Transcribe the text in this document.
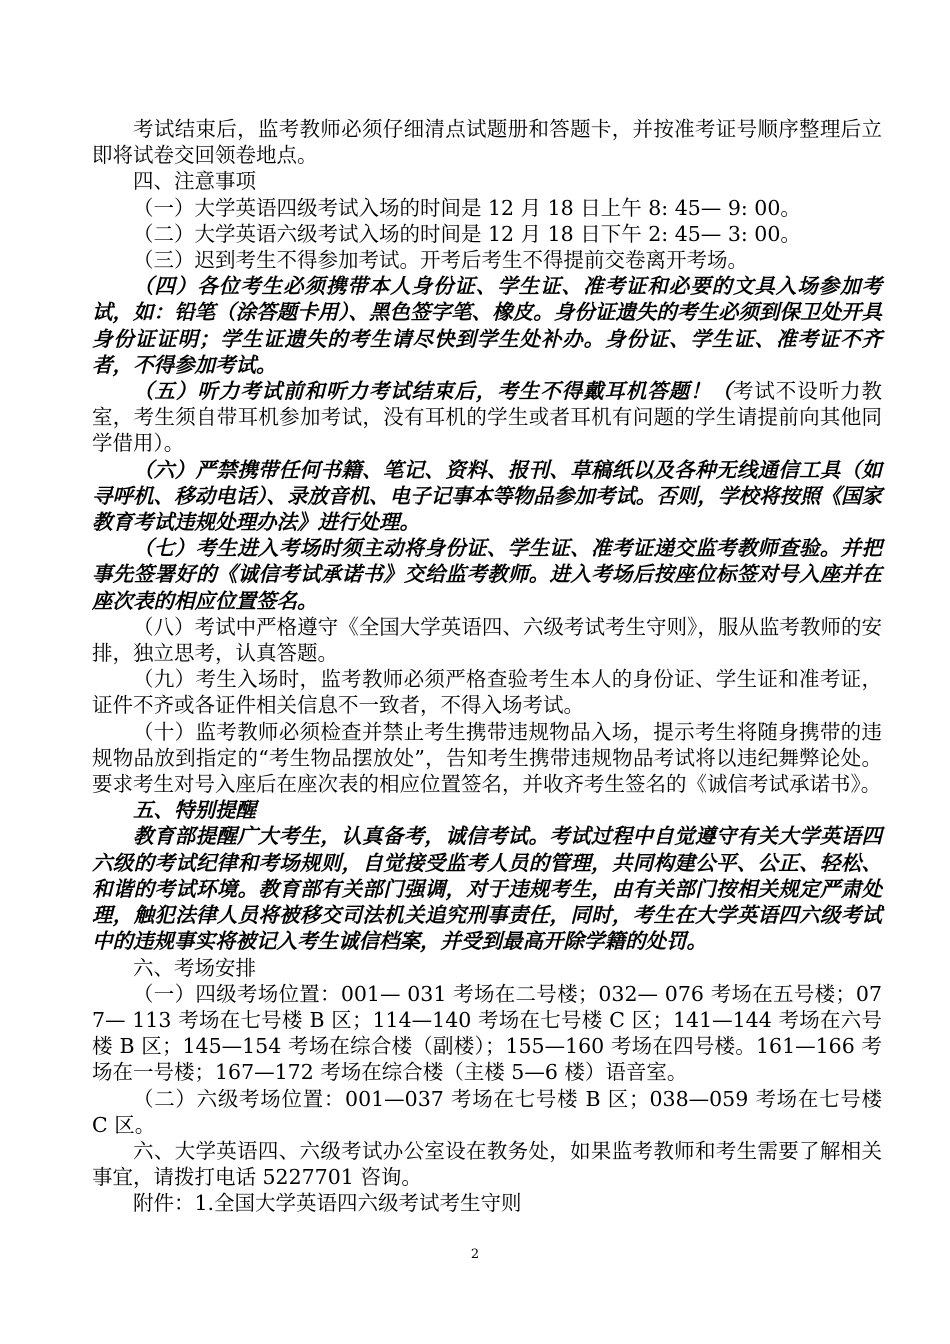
考试结束后，监考教师必须仔细清点试题册和答题卡，并按准考证号顺序整理后立即将试卷交回领卷地点。

四、注意事项

（一）大学英语四级考试入场的时间是 12 月 18 日上午 8: 45— 9: 00。

（二）大学英语六级考试入场的时间是 12 月 18 日下午 2: 45— 3: 00。

（三）迟到考生不得参加考试。开考后考生不得提前交卷离开考场。

（四）各位考生必须携带本人身份证、学生证、准考证和必要的文具入场参加考试，如：铅笔（涂答题卡用）、黑色签字笔、橡皮。身份证遗失的考生必须到保卫处开具身份证证明；学生证遗失的考生请尽快到学生处补办。身份证、学生证、准考证不齐者，不得参加考试。

（五）听力考试前和听力考试结束后，考生不得戴耳机答题！（考试不设听力教室，考生须自带耳机参加考试，没有耳机的学生或者耳机有问题的学生请提前向其他同学借用）。

（六）严禁携带任何书籍、笔记、资料、报刊、草稿纸以及各种无线通信工具（如寻呼机、移动电话）、录放音机、电子记事本等物品参加考试。否则，学校将按照《国家教育考试违规处理办法》进行处理。

（七）考生进入考场时须主动将身份证、学生证、准考证递交监考教师查验。并把事先签署好的《诚信考试承诺书》交给监考教师。进入考场后按座位标签对号入座并在座次表的相应位置签名。

（八）考试中严格遵守《全国大学英语四、六级考试考生守则》，服从监考教师的安排，独立思考，认真答题。

（九）考生入场时，监考教师必须严格查验考生本人的身份证、学生证和准考证，证件不齐或各证件相关信息不一致者，不得入场考试。

（十）监考教师必须检查并禁止考生携带违规物品入场，提示考生将随身携带的违规物品放到指定的“考生物品摆放处”，告知考生携带违规物品考试将以违纪舞弊论处。要求考生对号入座后在座次表的相应位置签名，并收齐考生签名的《诚信考试承诺书》。

五、特别提醒

教育部提醒广大考生，认真备考，诚信考试。考试过程中自觉遵守有关大学英语四六级的考试纪律和考场规则，自觉接受监考人员的管理，共同构建公平、公正、轻松、和谐的考试环境。教育部有关部门强调，对于违规考生，由有关部门按相关规定严肃处理，触犯法律人员将被移交司法机关追究刑事责任，同时，考生在大学英语四六级考试中的违规事实将被记入考生诚信档案，并受到最高开除学籍的处罚。

六、考场安排

（一）四级考场位置：001— 031 考场在二号楼；032— 076 考场在五号楼；077— 113 考场在七号楼 B 区；114—140 考场在七号楼 C 区；141—144 考场在六号楼 B 区；145—154 考场在综合楼（副楼）；155—160 考场在四号楼。161—166 考场在一号楼；167—172 考场在综合楼（主楼 5—6 楼）语音室。

（二）六级考场位置：001—037 考场在七号楼 B 区；038—059 考场在七号楼 C 区。

六、大学英语四、六级考试办公室设在教务处，如果监考教师和考生需要了解相关事宜，请拨打电话 5227701 咨询。

附件：1.全国大学英语四六级考试考生守则

2
